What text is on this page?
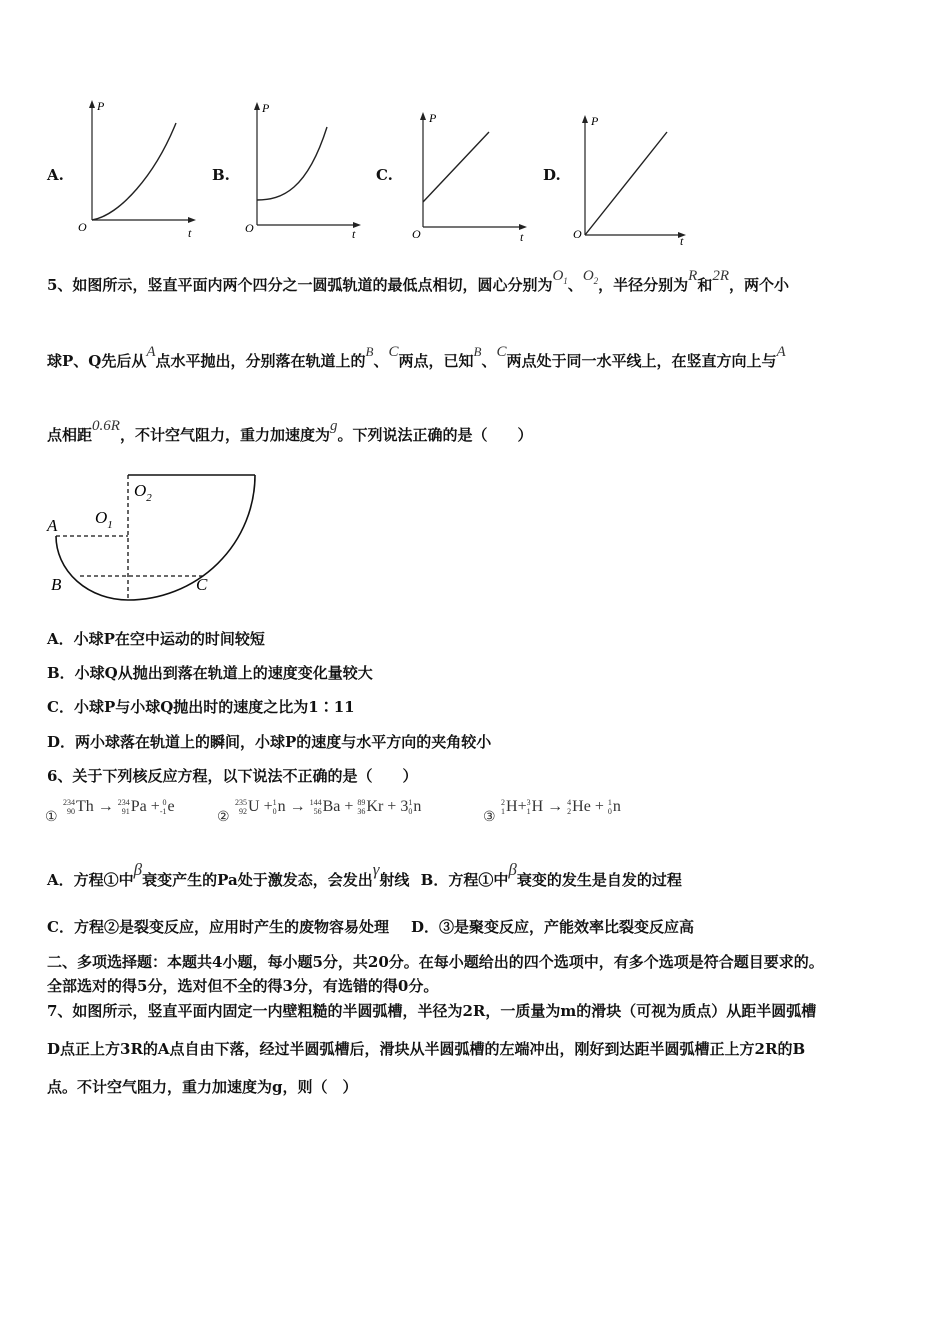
A.	B.	C.	D.
P
t
O
P
t
O
P
t
O
P
t
O
5、如图所示，竖直平面内两个四分之一圆弧轨道的最低点相切，圆心分别为$O_1$、$O_2$，半径分别为R和2R，两个小
球P、Q先后从A点水平抛出，分别落在轨道上的B、C两点，已知B、C两点处于同一水平线上，在竖直方向上与A
点相距0.6R，不计空气阻力，重力加速度为g。下列说法正确的是（　　）
A
B	C
$O_1$
$O_2$
A．小球P在空中运动的时间较短
B．小球Q从抛出到落在轨道上的速度变化量较大
C．小球P与小球Q抛出时的速度之比为1∶11
D．两小球落在轨道上的瞬间，小球P的速度与水平方向的夹角较小
6、关于下列核反应方程，以下说法不正确的是（　　）
①
234
90Th → 234
91Pa + 0
-1e
②
235
92U +1
0n → 144
56Ba + 89
36Kr + 31
0n
③
2
1H+3
1H → 4
2He + 1
0n
A．方程①中β衰变产生的Pa处于激发态，会发出γ射线 B．方程①中β衰变的发生是自发的过程
C．方程②是裂变反应，应用时产生的废物容易处理 D．③是聚变反应，产能效率比裂变反应高
二、多项选择题：本题共4小题，每小题5分，共20分。在每小题给出的四个选项中，有多个选项是符合题目要求的。
全部选对的得5分，选对但不全的得3分，有选错的得0分。
7、如图所示，竖直平面内固定一内壁粗糙的半圆弧槽，半径为2R，一质量为m的滑块（可视为质点）从距半圆弧槽
D点正上方3R的A点自由下落，经过半圆弧槽后，滑块从半圆弧槽的左端冲出，刚好到达距半圆弧槽正上方2R的B
点。不计空气阻力，重力加速度为g，则（　）
